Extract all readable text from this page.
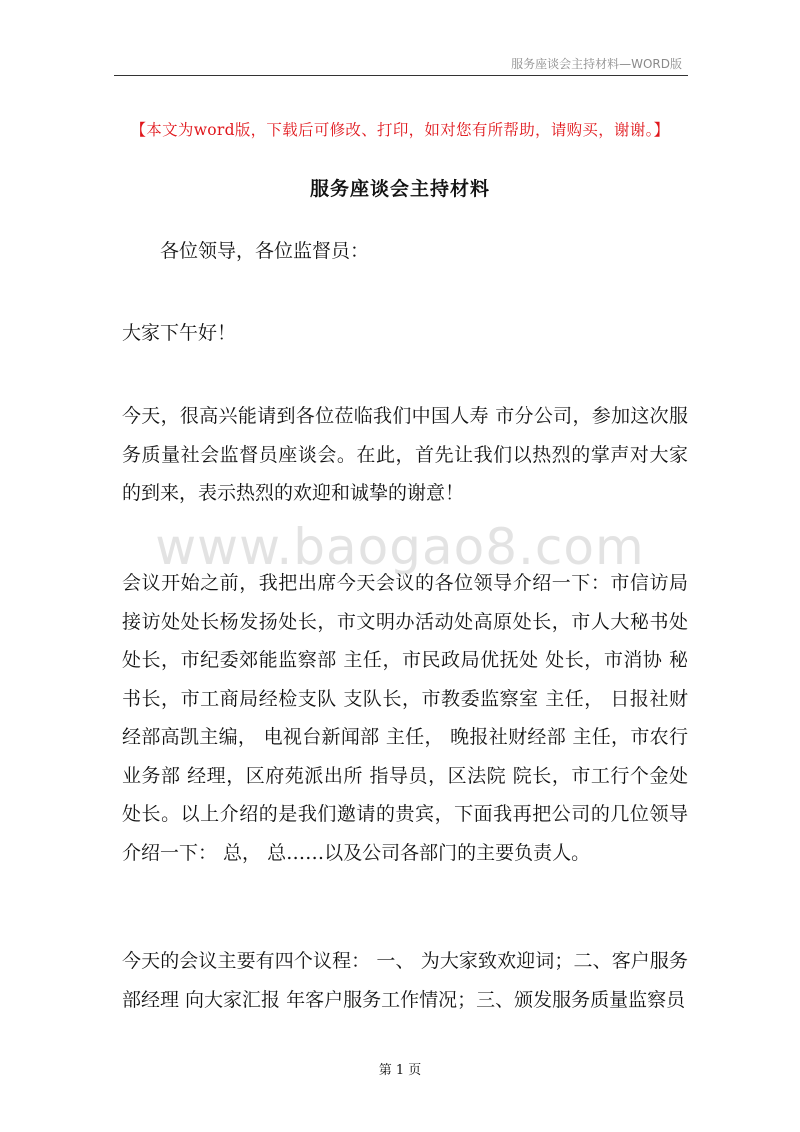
服务座谈会主持材料—WORD版
【本文为word版，下载后可修改、打印，如对您有所帮助，请购买，谢谢。】
服务座谈会主持材料

各位领导，各位监督员：

大家下午好！

今天，很高兴能请到各位莅临我们中国人寿 市分公司，参加这次服务质量社会监督员座谈会。在此，首先让我们以热烈的掌声对大家的到来，表示热烈的欢迎和诚挚的谢意！

www.baogao8.com

会议开始之前，我把出席今天会议的各位领导介绍一下：市信访局接访处处长杨发扬处长，市文明办活动处高原处长，市人大秘书处 处长，市纪委郊能监察部 主任，市民政局优抚处 处长，市消协 秘书长，市工商局经检支队 支队长，市教委监察室 主任， 日报社财经部高凯主编， 电视台新闻部 主任， 晚报社财经部 主任，市农行业务部 经理，区府苑派出所 指导员，区法院 院长，市工行个金处 处长。以上介绍的是我们邀请的贵宾，下面我再把公司的几位领导介绍一下： 总， 总……以及公司各部门的主要负责人。

今天的会议主要有四个议程： 一、 为大家致欢迎词；二、客户服务部经理 向大家汇报 年客户服务工作情况；三、颁发服务质量监察员

第 1 页
